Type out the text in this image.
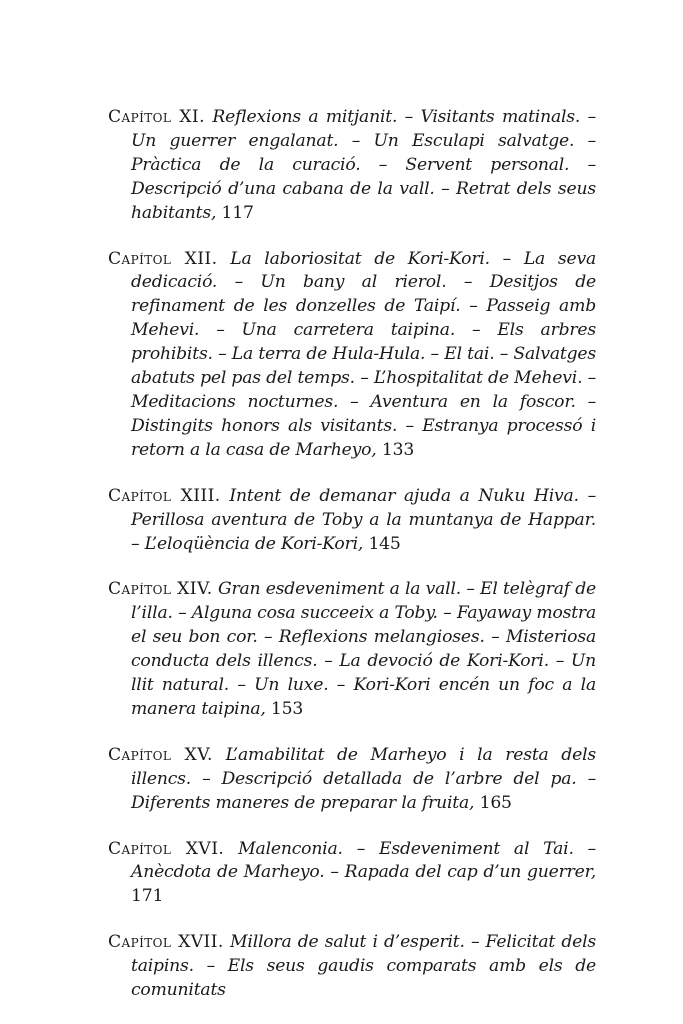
Capítol XI. Reflexions a mitjanit. – Visitants matinals. – Un guerrer engalanat. – Un Esculapi salvatge. – Pràctica de la curació. – Servent personal. – Descripció d’una cabana de la vall. – Retrat dels seus habitants, 117

Capítol XII. La laboriositat de Kori-Kori. – La seva dedicació. – Un bany al rierol. – Desitjos de refinament de les donzelles de Taipí. – Passeig amb Mehevi. – Una carretera taipina. – Els arbres prohibits. – La terra de Hula-Hula. – El tai. – Salvatges abatuts pel pas del temps. – L’hospitalitat de Mehevi. – Meditacions nocturnes. – Aventura en la foscor. – Distingits honors als visitants. – Estranya processó i retorn a la casa de Marheyo, 133

Capítol XIII. Intent de demanar ajuda a Nuku Hiva. – Perillosa aventura de Toby a la muntanya de Happar. – L’eloqüència de Kori-Kori, 145

Capítol XIV. Gran esdeveniment a la vall. – El telègraf de l’illa. – Alguna cosa succeeix a Toby. – Fayaway mostra el seu bon cor. – Reflexions melangioses. – Misteriosa conducta dels illencs. – La devoció de Kori-Kori. – Un llit natural. – Un luxe. – Kori-Kori encén un foc a la manera taipina, 153

Capítol XV. L’amabilitat de Marheyo i la resta dels illencs. – Descripció detallada de l’arbre del pa. – Diferents maneres de preparar la fruita, 165

Capítol XVI. Malenconia. – Esdeveniment al Tai. – Anècdota de Marheyo. – Rapada del cap d’un guerrer, 171

Capítol XVII. Millora de salut i d’esperit. – Felicitat dels taipins. – Els seus gaudis comparats amb els de comunitats
